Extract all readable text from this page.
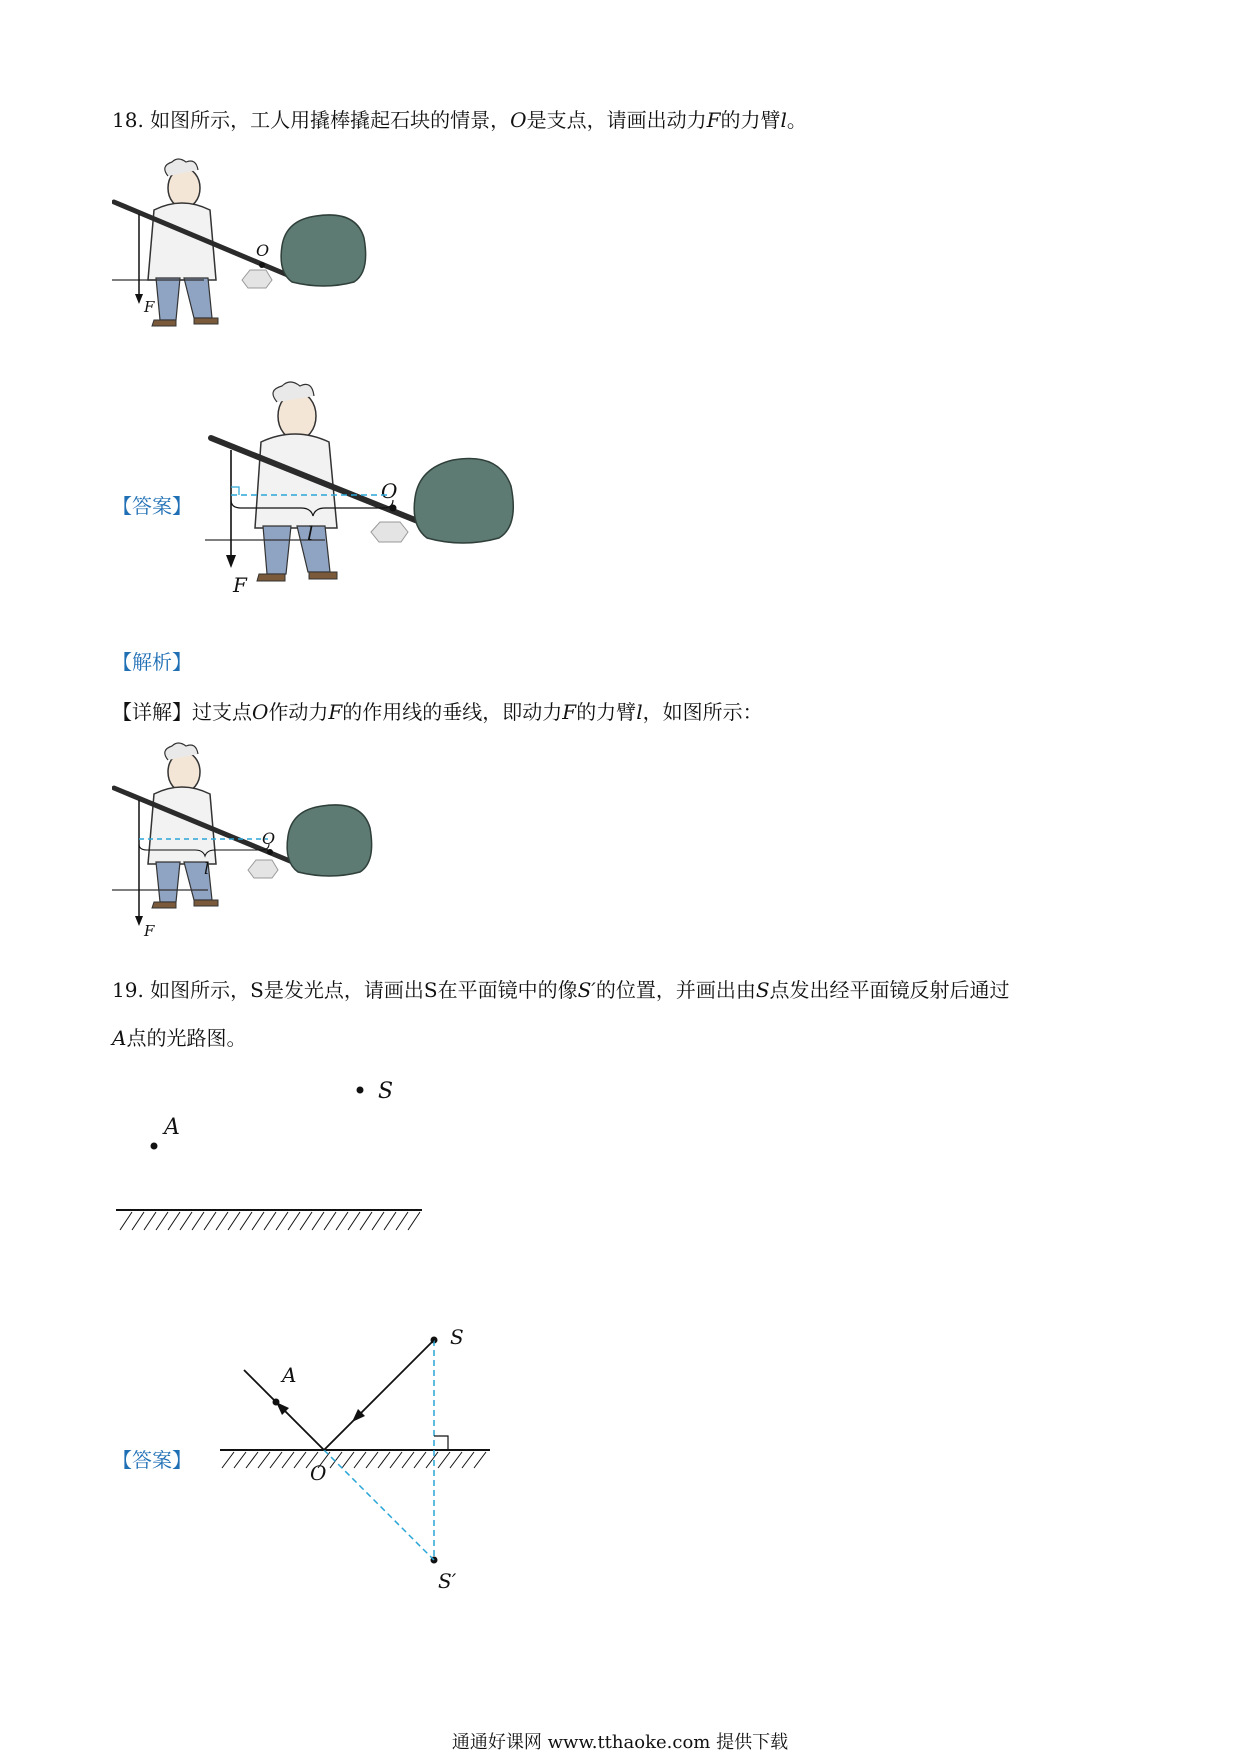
18. 如图所示，工人用撬棒撬起石块的情景，O是支点，请画出动力F的力臂l。
O
F
【答案】
O
F
l
【解析】
【详解】过支点O作动力F的作用线的垂线，即动力F的力臂l，如图所示：
O
F
l
19. 如图所示，S是发光点，请画出S在平面镜中的像S′的位置，并画出由S点发出经平面镜反射后通过
A点的光路图。
S
A
【答案】
S
S′
O
A
通通好课网 www.tthaoke.com 提供下载
